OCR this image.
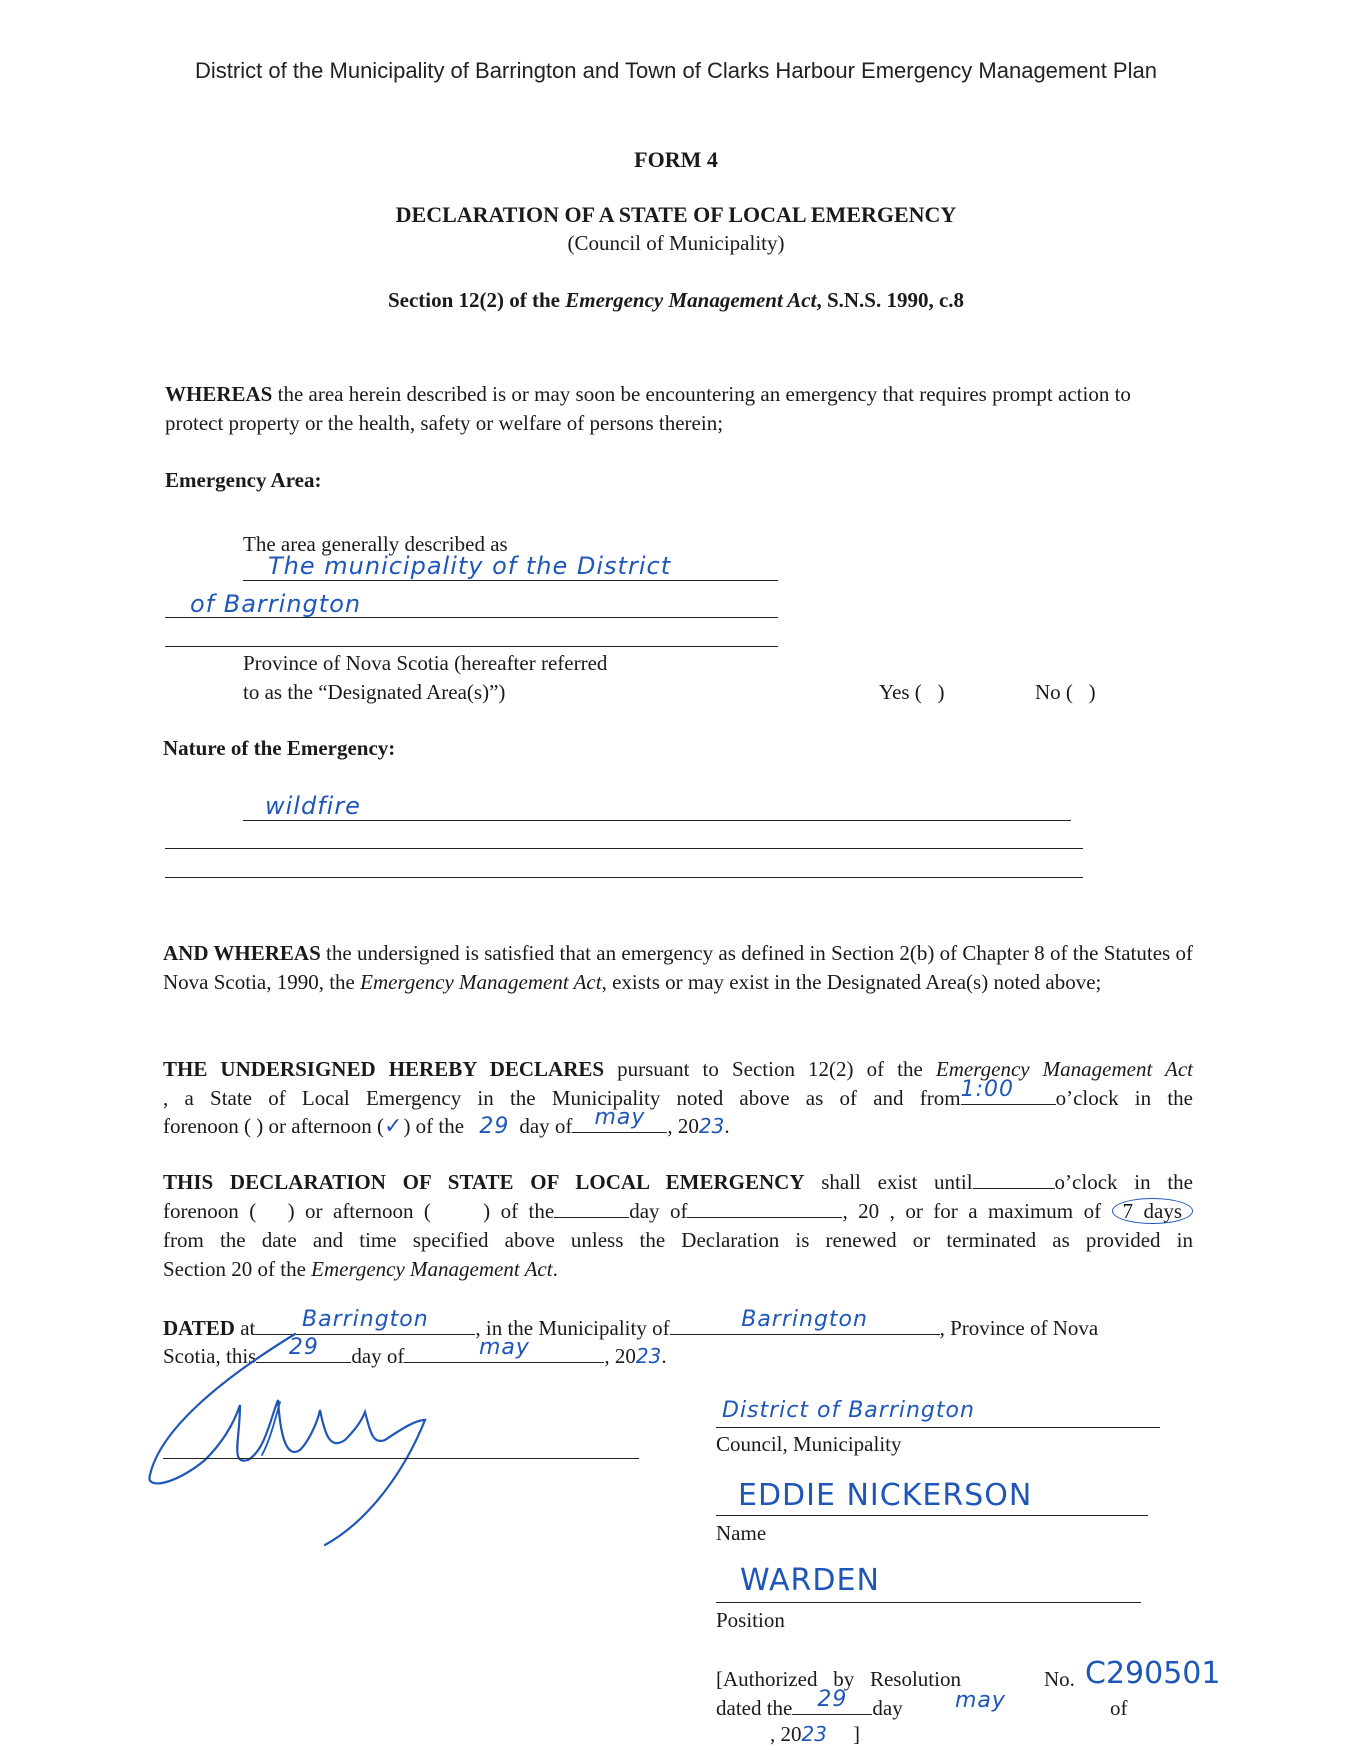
District of the Municipality of Barrington and Town of Clarks Harbour Emergency Management Plan
FORM 4
DECLARATION OF A STATE OF LOCAL EMERGENCY
(Council of Municipality)
Section 12(2) of the Emergency Management Act, S.N.S. 1990, c.8
WHEREAS the area herein described is or may soon be encountering an emergency that requires prompt action to protect property or the health, safety or welfare of persons therein;
Emergency Area:
The area generally described as
The municipality of the District
of Barrington
Province of Nova Scotia (hereafter referred
to as the “Designated Area(s)”)	Yes (   )	No (   )
Nature of the Emergency:
wildfire
AND WHEREAS the undersigned is satisfied that an emergency as defined in Section 2(b) of Chapter 8 of the Statutes of Nova Scotia, 1990, the Emergency Management Act, exists or may exist in the Designated Area(s) noted above;
THE UNDERSIGNED HEREBY DECLARES pursuant to Section 12(2) of the Emergency Management Act
, a State of Local Emergency in the Municipality noted above as of and from 1:00	o’clock in the
forenoon ( ) or afternoon (✓) of the 29 day of	may	, 2023.
THIS DECLARATION OF STATE OF LOCAL EMERGENCY shall exist until	o’clock in the
forenoon (   ) or afternoon (     ) of the	day of	, 20 , or for a maximum of 7 days
from the date and time specified above unless the Declaration is renewed or terminated as provided in
Section 20 of the Emergency Management Act.
DATED at	Barrington	, in the Municipality of	Barrington	, Province of Nova
Scotia, this	29	day of	may	, 2023.
District of Barrington
Council, Municipality
EDDIE NICKERSON
Name
WARDEN
Position
[Authorized   by   Resolution	No. C290501
dated the	29	day may	of
, 2023 ]
